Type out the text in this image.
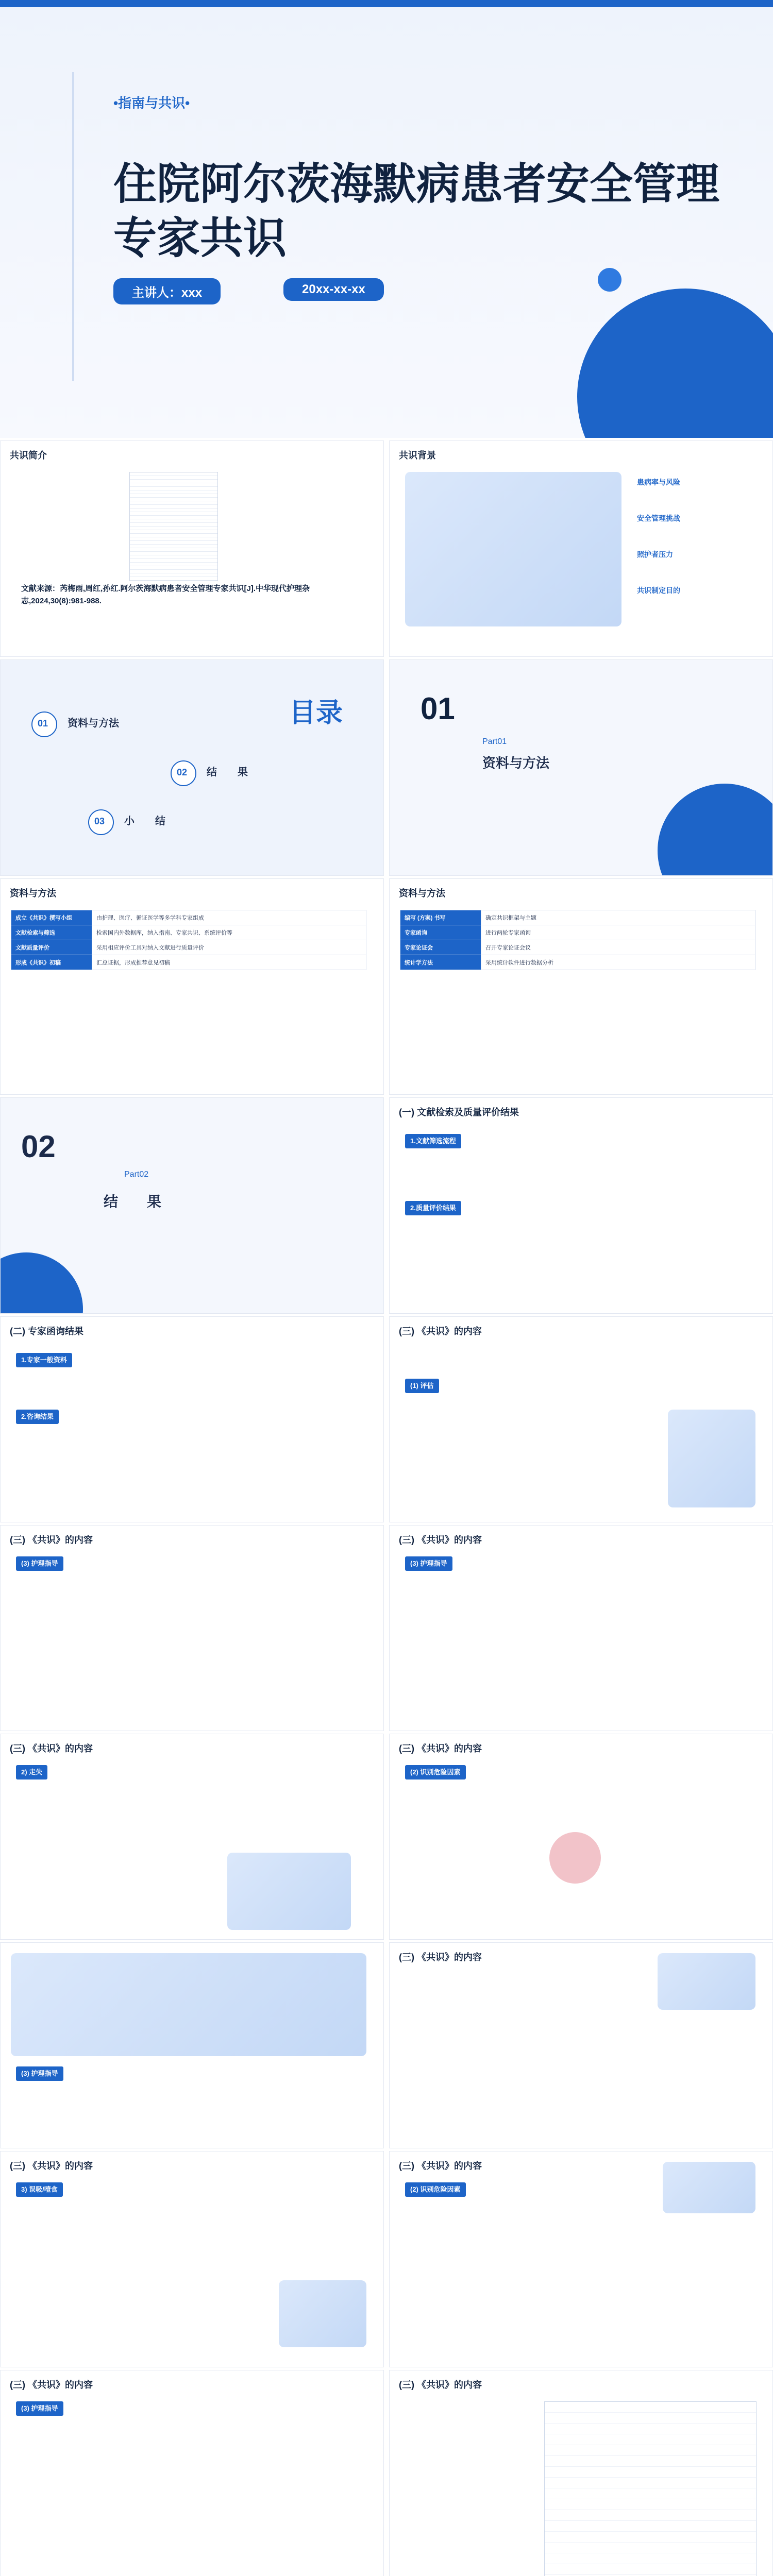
•指南与共识•
住院阿尔茨海默病患者安全管理
专家共识
主讲人：xxx	20xx-xx-xx
共识简介
文献来源：芮梅雨,周红,孙红.阿尔茨海默病患者安全管理专家共识[J].中华现代护理杂志,2024,30(8):981-988.
共识背景
患病率与风险
安全管理挑战
照护者压力
共识制定目的
目录
01 资料与方法
02 结　　果
03 小　　结
01
Part01
资料与方法
资料与方法
成立《共识》撰写小组	由护理、医疗、循证医学等多学科专家组成
文献检索与筛选	检索国内外数据库，纳入指南、专家共识、系统评价等
文献质量评价	采用相应评价工具对纳入文献进行质量评价
形成《共识》初稿	汇总证据，形成推荐意见初稿
资料与方法
编写 (方案) 书写	确定共识框架与主题
专家函询	进行两轮专家函询
专家论证会	召开专家论证会议
统计学方法	采用统计软件进行数据分析
02
Part02
结　　果
(一) 文献检索及质量评价结果
1.文献筛选流程

2.质量评价结果
(二) 专家函询结果
1.专家一般资料
2.咨询结果
(三) 《共识》的内容
(1) 评估
(三) 《共识》的内容
(3) 护理指导
(三) 《共识》的内容
(3) 护理指导
(三) 《共识》的内容
2) 走失
(三) 《共识》的内容
(2) 识别危险因素
(3) 护理指导
(三) 《共识》的内容
(三) 《共识》的内容
3) 误吸/噎食
(三) 《共识》的内容
(2) 识别危险因素
(三) 《共识》的内容
(3) 护理指导
(三) 《共识》的内容
